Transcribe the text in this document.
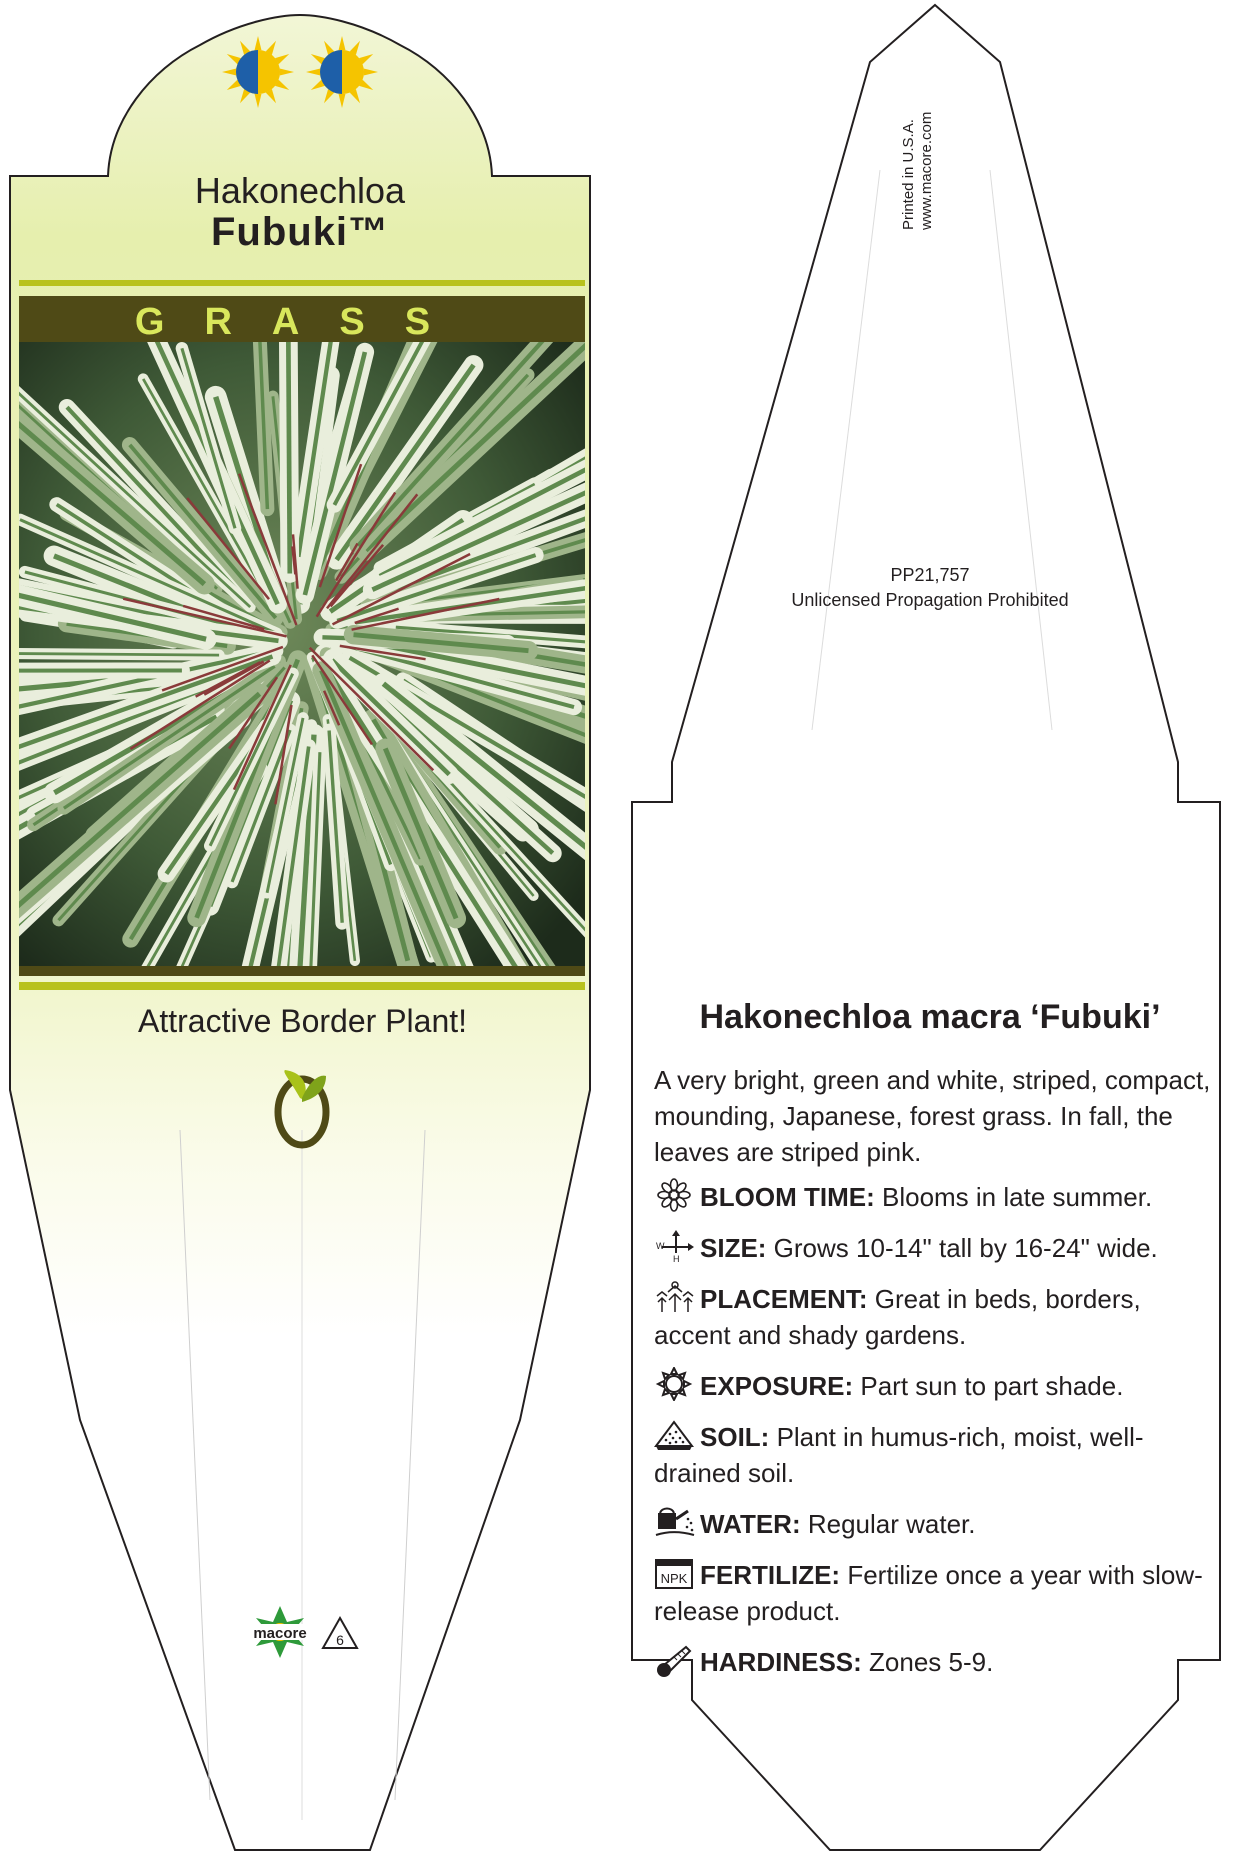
macore 6
Hakonechloa
Fubuki™
GRASS
Attractive Border Plant!
Printed in U.S.A. www.macore.com
PP21,757
Unlicensed Propagation Prohibited
Hakonechloa macra ‘Fubuki’
A very bright, green and white, striped, compact, mounding, Japanese, forest grass. In fall, the leaves are striped pink.
BLOOM TIME: Blooms in late summer.
W
H SIZE: Grows 10-14" tall by 16-24" wide.
PLACEMENT: Great in beds, borders, accent and shady gardens.
EXPOSURE: Part sun to part shade.
SOIL: Plant in humus-rich, moist, well-drained soil.
WATER: Regular water.
NPK FERTILIZE: Fertilize once a year with slow-release product.
HARDINESS: Zones 5-9.
